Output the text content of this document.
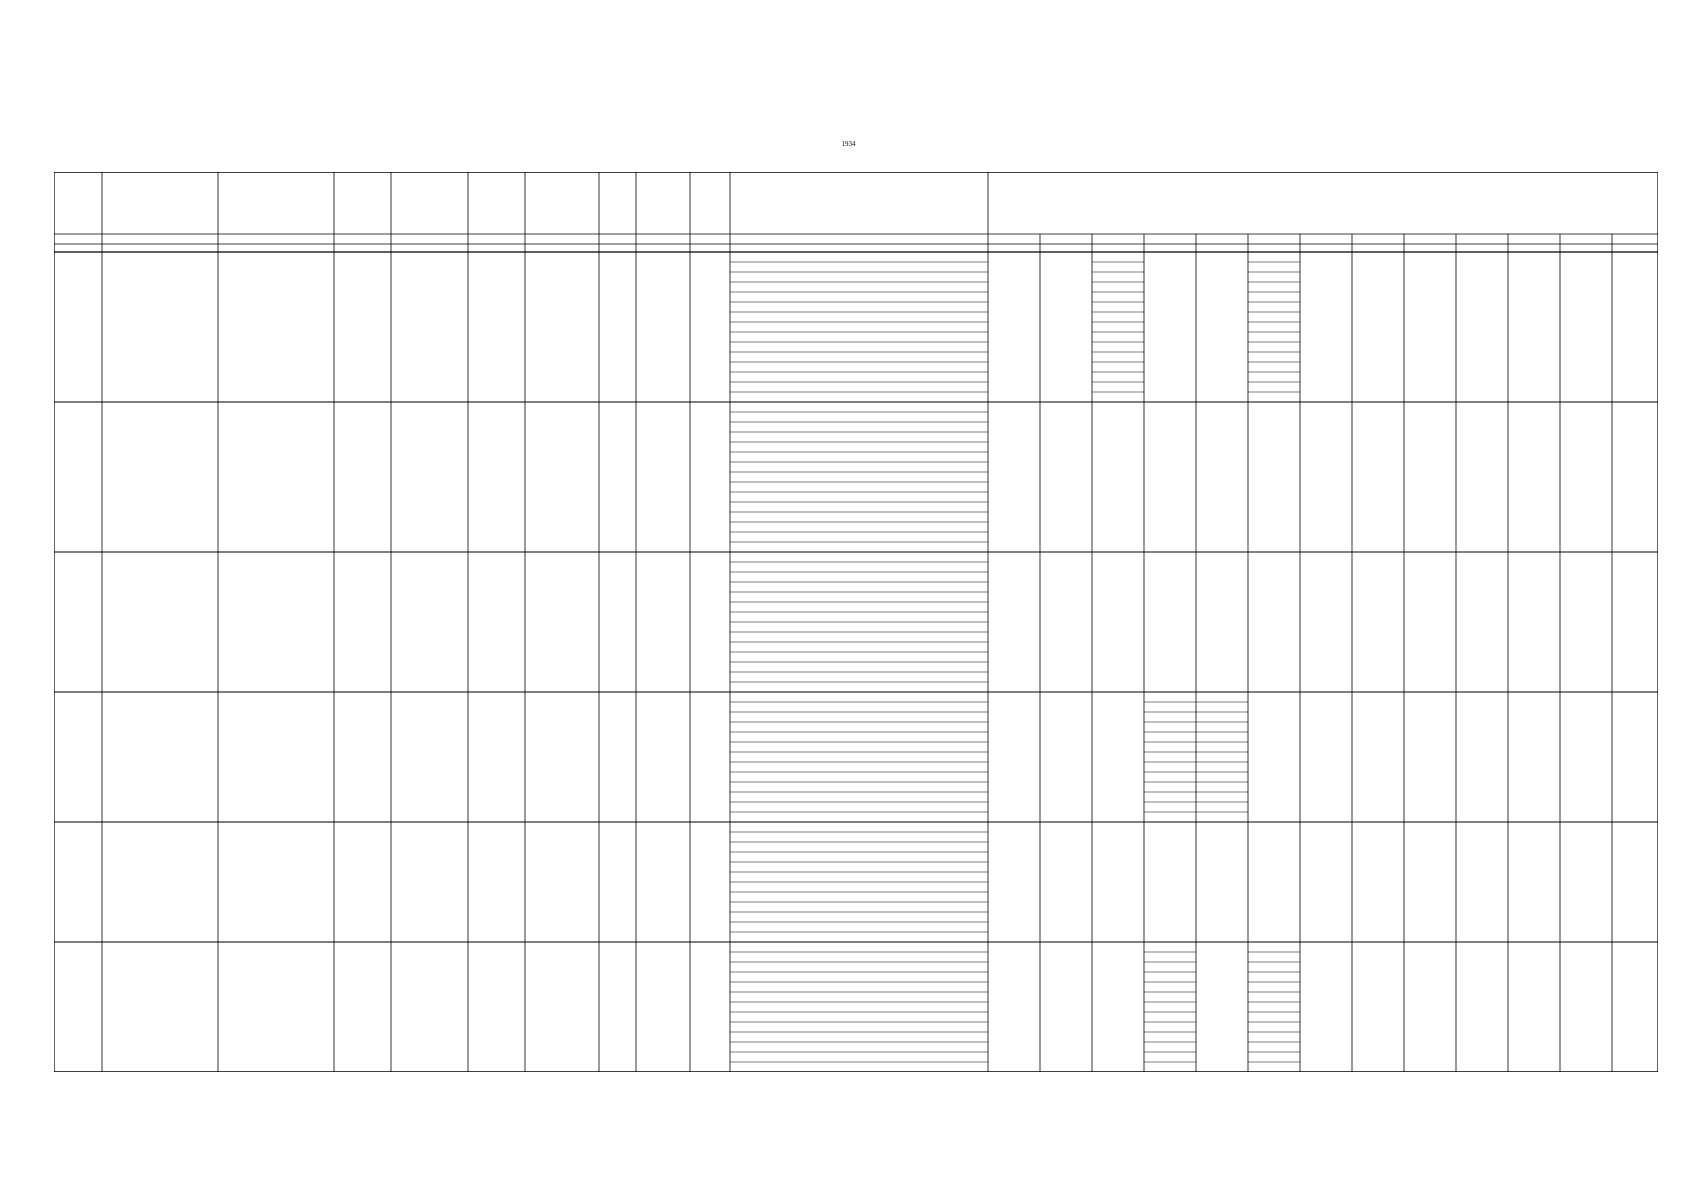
1934
